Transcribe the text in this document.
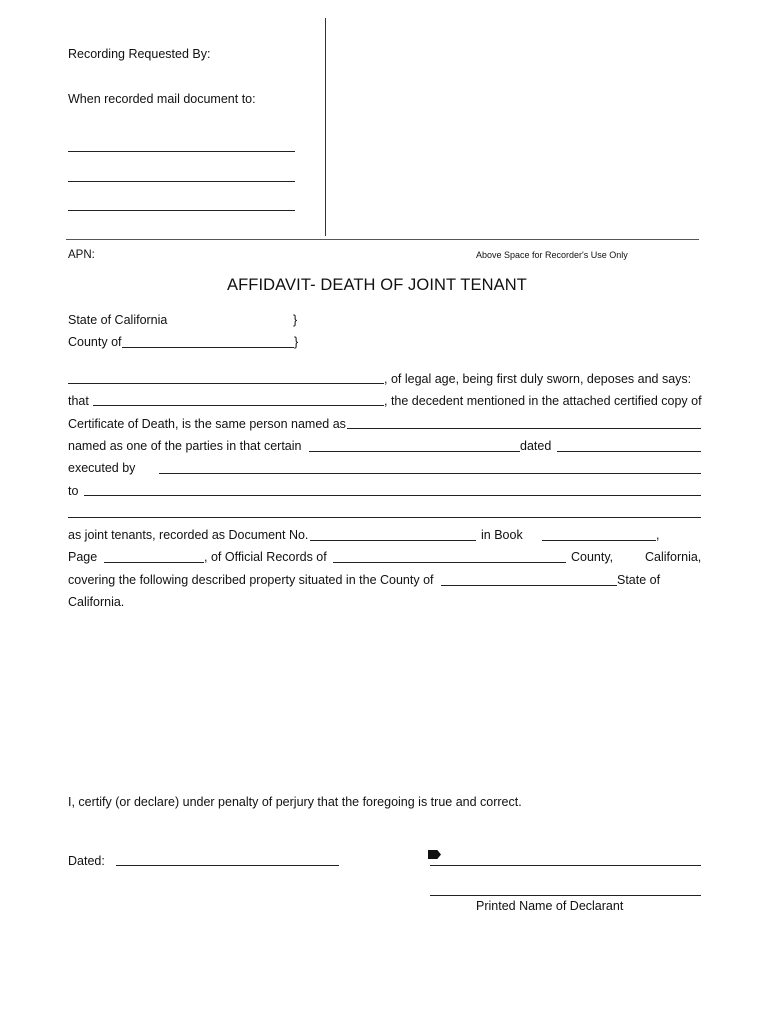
Recording Requested By:
When recorded mail document to:
APN:	Above Space for Recorder's Use Only
AFFIDAVIT- DEATH OF JOINT TENANT
State of California	}
County of	}
, of legal age, being first duly sworn, deposes and says:
that	, the decedent mentioned in the attached certified copy of
Certificate of Death, is the same person named as
named as one of the parties in that certain	dated
executed by
to
as joint tenants, recorded as Document No.	in Book	,
Page	, of Official Records of	County,	California,
covering the following described property situated in the County of	State of
California.
I, certify (or declare) under penalty of perjury that the foregoing is true and correct.
Dated:
Printed Name of Declarant
